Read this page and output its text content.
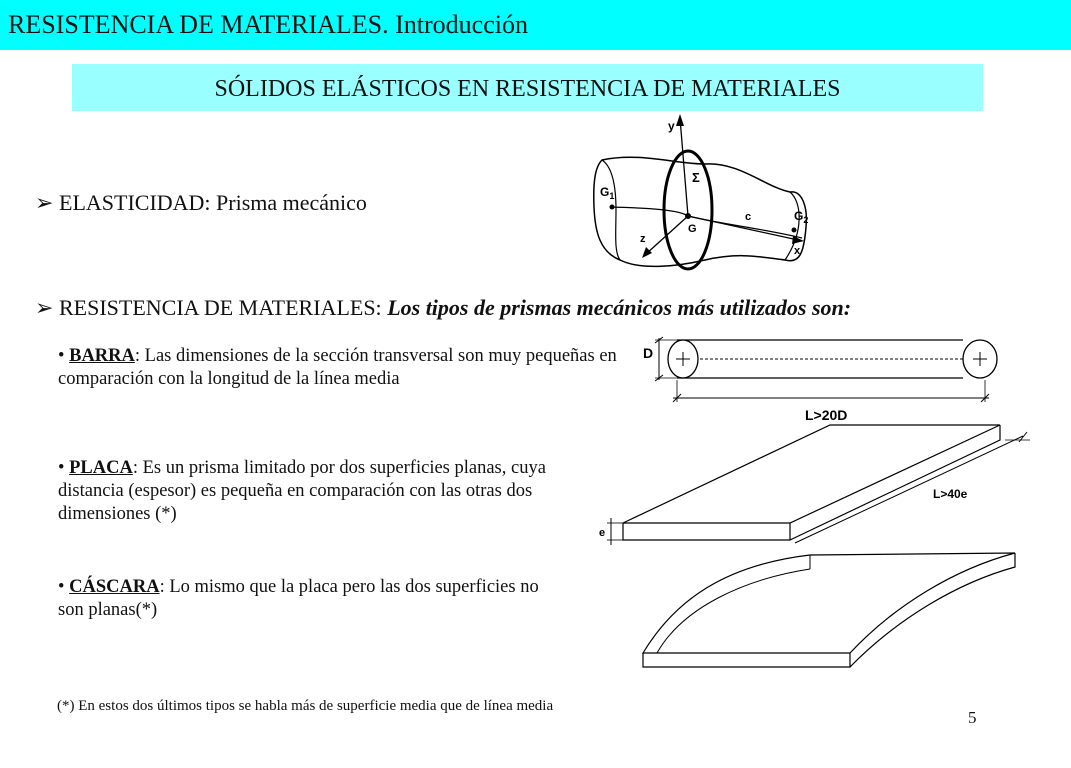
RESISTENCIA DE MATERIALES. Introducción
SÓLIDOS ELÁSTICOS EN RESISTENCIA DE MATERIALES
➢ ELASTICIDAD: Prisma mecánico
➢ RESISTENCIA DE MATERIALES: Los tipos de prismas mecánicos más utilizados son:
• BARRA: Las dimensiones de la sección transversal son muy pequeñas en comparación con la longitud de la línea media
• PLACA: Es un prisma limitado por dos superficies planas, cuya distancia (espesor) es pequeña en comparación con las otras dos dimensiones (*)
• CÁSCARA: Lo mismo que la placa pero las dos superficies no son planas(*)
y
Σ
$G_1$
$G_2$
G
c
z
x
D
L>20D
e
L>40e
(*) En estos dos últimos tipos se habla más de superficie media que de línea media
5
